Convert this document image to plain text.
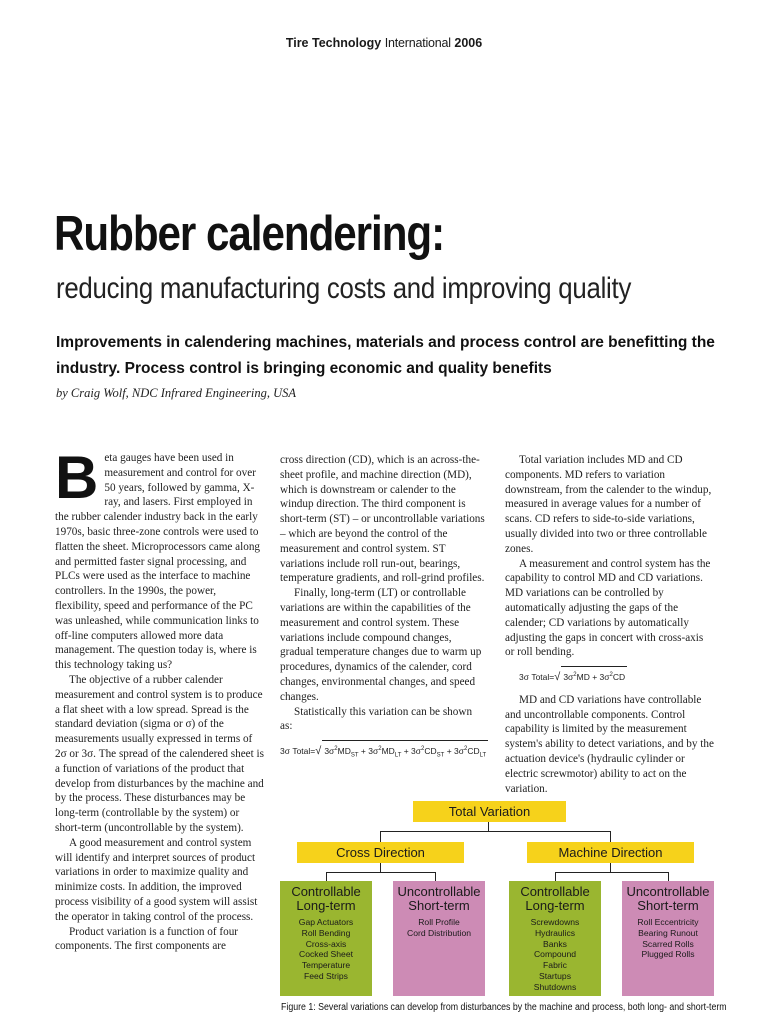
Tire Technology International 2006
Rubber calendering:
reducing manufacturing costs and improving quality
Improvements in calendering machines, materials and process control are benefitting the industry. Process control is bringing economic and quality benefits
by Craig Wolf, NDC Infrared Engineering, USA

Beta gauges have been used in measurement and control for over 50 years, followed by gamma, X-ray, and lasers. First employed in the rubber calender industry back in the early 1970s, basic three-zone controls were used to flatten the sheet. Microprocessors came along and permitted faster signal processing, and PLCs were used as the interface to machine controllers. In the 1990s, the power, flexibility, speed and performance of the PC was unleashed, while communication links to off-line computers allowed more data management. The question today is, where is this technology taking us?

The objective of a rubber calender measurement and control system is to produce a flat sheet with a low spread. Spread is the standard deviation (sigma or σ) of the measurements usually expressed in terms of 2σ or 3σ. The spread of the calendered sheet is a function of variations of the product that develop from disturbances by the machine and by the process. These disturbances may be long-term (controllable by the system) or short-term (uncontrollable by the system).

A good measurement and control system will identify and interpret sources of product variations in order to maximize quality and minimize costs. In addition, the improved process visibility of a good system will assist the operator in taking control of the process.

Product variation is a function of four components. The first components are

cross direction (CD), which is an across-the-sheet profile, and machine direction (MD), which is downstream or calender to the windup direction. The third component is short-term (ST) – or uncontrollable variations – which are beyond the control of the measurement and control system. ST variations include roll run-out, bearings, temperature gradients, and roll-grind profiles.

Finally, long-term (LT) or controllable variations are within the capabilities of the measurement and control system. These variations include compound changes, gradual temperature changes due to warm up procedures, dynamics of the calender, cord changes, environmental changes, and speed changes.

Statistically this variation can be shown as:

3σ Total=√ $3\sigma^2MD_{ST} + 3\sigma^2MD_{LT} + 3\sigma^2CD_{ST} + 3\sigma^2CD_{LT}$

Total variation includes MD and CD components. MD refers to variation downstream, from the calender to the windup, measured in average values for a number of scans. CD refers to side-to-side variations, usually divided into two or three controllable zones.

A measurement and control system has the capability to control MD and CD variations. MD variations can be controlled by automatically adjusting the gaps of the calender; CD variations by automatically adjusting the gaps in concert with cross-axis or roll bending.

3σ Total=√ $3\sigma^2MD + 3\sigma^2CD$

MD and CD variations have controllable and uncontrollable components. Control capability is limited by the measurement system's ability to detect variations, and by the actuation device's (hydraulic cylinder or electric screwmotor) ability to act on the variation.

Total Variation
Cross Direction	Machine Direction
Controllable
Long-term
Gap Actuators
Roll Bending
Cross-axis
Cocked Sheet
Temperature
Feed Strips
Uncontrollable
Short-term
Roll Profile
Cord Distribution
Controllable
Long-term
Screwdowns
Hydraulics
Banks
Compound
Fabric
Startups
Shutdowns
Uncontrollable
Short-term
Roll Eccentricity
Bearing Runout
Scarred Rolls
Plugged Rolls
Figure 1: Several variations can develop from disturbances by the machine and process, both long- and short-term
